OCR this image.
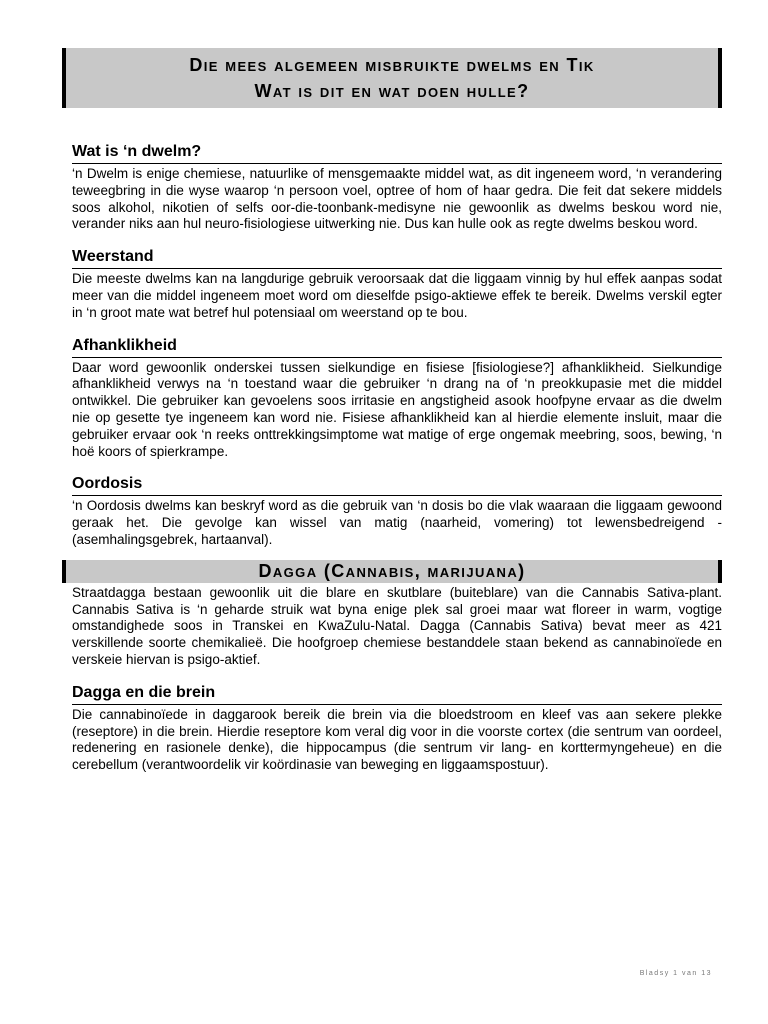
Die mees algemeen misbruikte dwelms en Tik
Wat is dit en wat doen hulle?
Wat is ‘n dwelm?

‘n Dwelm is enige chemiese, natuurlike of mensgemaakte middel wat, as dit ingeneem word, ‘n verandering teweegbring in die wyse waarop ‘n persoon voel, optree of hom of haar gedra. Die feit dat sekere middels soos alkohol, nikotien of selfs oor-die-toonbank-medisyne nie gewoonlik as dwelms beskou word nie, verander niks aan hul neuro-fisiologiese uitwerking nie. Dus kan hulle ook as regte dwelms beskou word.

Weerstand

Die meeste dwelms kan na langdurige gebruik veroorsaak dat die liggaam vinnig by hul effek aanpas sodat meer van die middel ingeneem moet word om dieselfde psigo-aktiewe effek te bereik. Dwelms verskil egter in ‘n groot mate wat betref hul potensiaal om weerstand op te bou.

Afhanklikheid

Daar word gewoonlik onderskei tussen sielkundige en fisiese [fisiologiese?] afhanklikheid. Sielkundige afhanklikheid verwys na ‘n toestand waar die gebruiker ‘n drang na of ‘n preokkupasie met die middel ontwikkel. Die gebruiker kan gevoelens soos irritasie en angstigheid asook hoofpyne ervaar as die dwelm nie op gesette tye ingeneem kan word nie. Fisiese afhanklikheid kan al hierdie elemente insluit, maar die gebruiker ervaar ook ‘n reeks onttrekkingsimptome wat matige of erge ongemak meebring, soos, bewing, ‘n hoë koors of spierkrampe.

Oordosis

‘n Oordosis dwelms kan beskryf word as die gebruik van ‘n dosis bo die vlak waaraan die liggaam gewoond geraak het. Die gevolge kan wissel van matig (naarheid, vomering) tot lewensbedreigend - (asemhalingsgebrek, hartaanval).

Dagga (Cannabis, marijuana)

Straatdagga bestaan gewoonlik uit die blare en skutblare (buiteblare) van die Cannabis Sativa-plant. Cannabis Sativa is ‘n geharde struik wat byna enige plek sal groei maar wat floreer in warm, vogtige omstandighede soos in Transkei en KwaZulu-Natal. Dagga (Cannabis Sativa) bevat meer as 421 verskillende soorte chemikalieë. Die hoofgroep chemiese bestanddele staan bekend as cannabinoïede en verskeie hiervan is psigo-aktief.

Dagga en die brein

Die cannabinoïede in daggarook bereik die brein via die bloedstroom en kleef vas aan sekere plekke (reseptore) in die brein. Hierdie reseptore kom veral dig voor in die voorste cortex (die sentrum van oordeel, redenering en rasionele denke), die hippocampus (die sentrum vir lang- en korttermyngeheue) en die cerebellum (verantwoordelik vir koördinasie van beweging en liggaamspostuur).

Bladsy 1 van 13
